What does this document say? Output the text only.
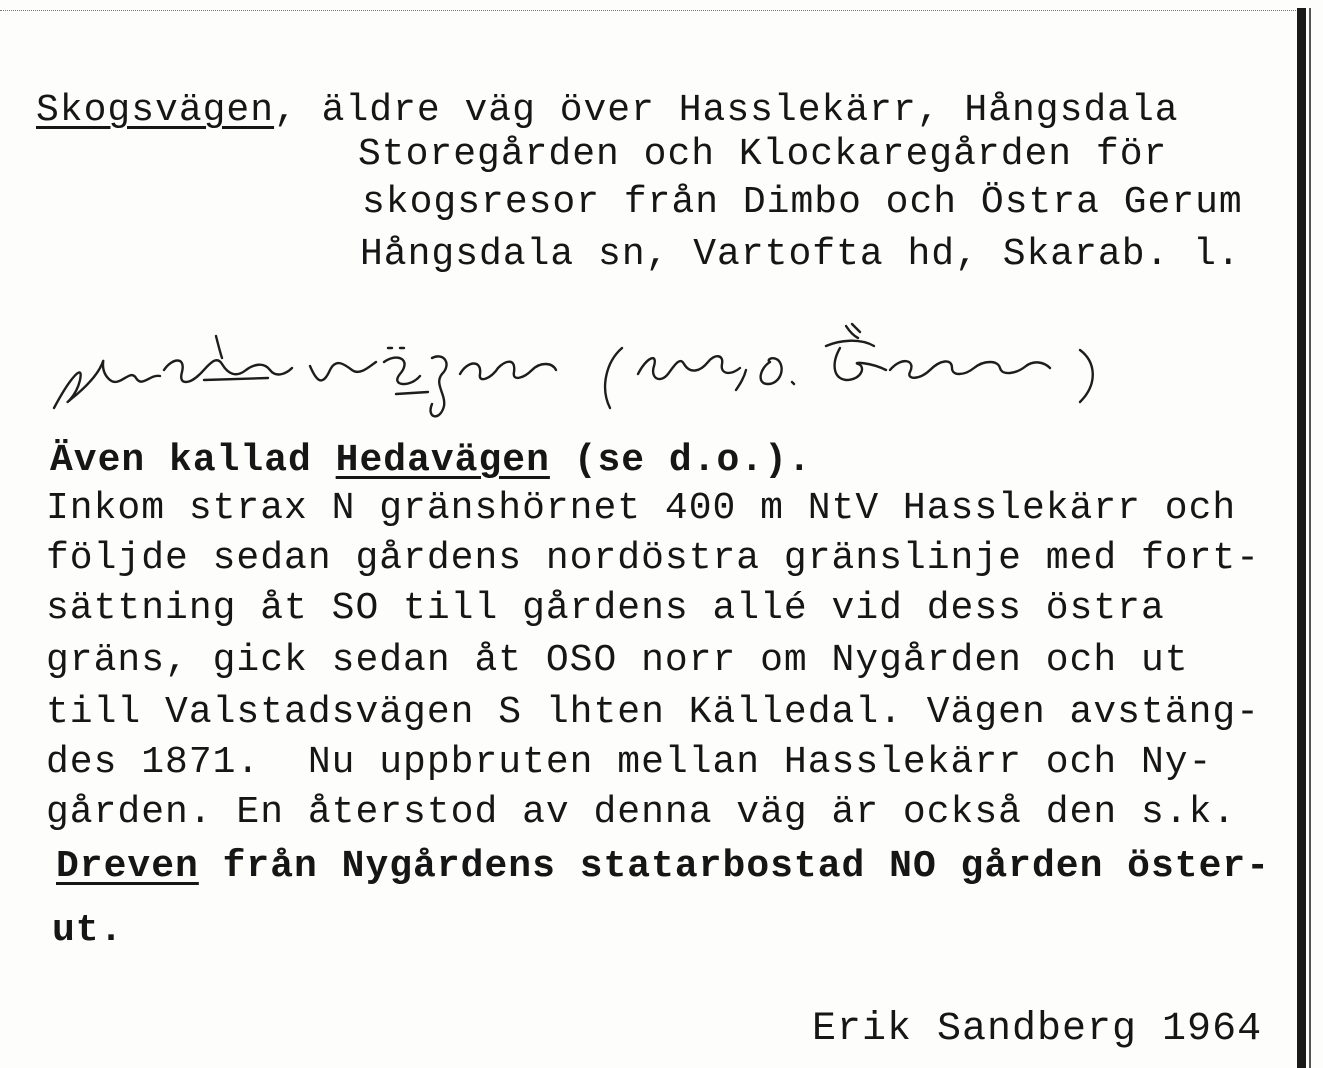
Skogsvägen, äldre väg över Hasslekärr, Hångsdala
Storegården och Klockaregården för
skogsresor från Dimbo och Östra Gerum
Hångsdala sn, Vartofta hd, Skarab. l.
Även kallad Hedavägen (se d.o.).
Inkom strax N gränshörnet 400 m NtV Hasslekärr och
följde sedan gårdens nordöstra gränslinje med fort-
sättning åt SO till gårdens allé vid dess östra
gräns, gick sedan åt OSO norr om Nygården och ut
till Valstadsvägen S lhten Källedal. Vägen avstäng-
des 1871.  Nu uppbruten mellan Hasslekärr och Ny-
gården. En återstod av denna väg är också den s.k.
Dreven från Nygårdens statarbostad NO gården öster-
ut.
Erik Sandberg 1964
